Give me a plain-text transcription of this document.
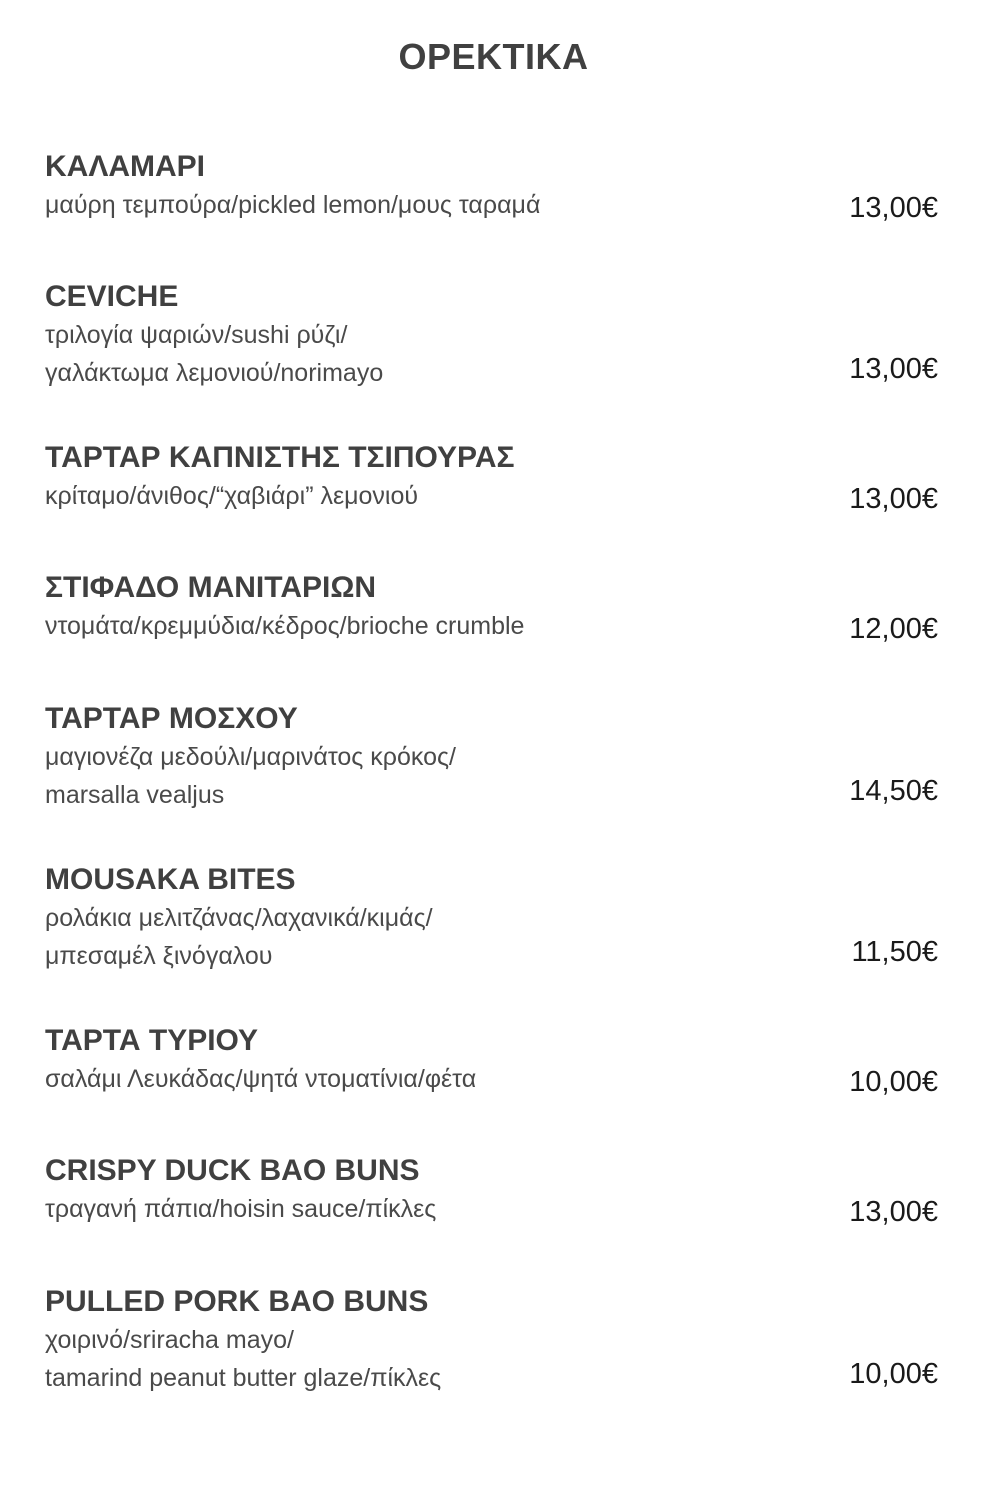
ΟΡΕΚΤΙΚΑ
ΚΑΛΑΜΑΡΙ
μαύρη τεμπούρα/pickled lemon/μους ταραμά	13,00€
CEVICHE
τριλογία ψαριών/sushi ρύζι/
γαλάκτωμα λεμονιού/norimayo	13,00€
ΤΑΡΤΑΡ ΚΑΠΝΙΣΤΗΣ ΤΣΙΠΟΥΡΑΣ
κρίταμο/άνιθος/“χαβιάρι” λεμονιού	13,00€
ΣΤΙΦΑΔΟ ΜΑΝΙΤΑΡΙΩΝ
ντομάτα/κρεμμύδια/κέδρος/brioche crumble	12,00€
ΤΑΡΤΑΡ ΜΟΣΧΟΥ
μαγιονέζα μεδούλι/μαρινάτος κρόκος/
marsalla vealjus	14,50€
MOUSAKA BITES
ρολάκια μελιτζάνας/λαχανικά/κιμάς/
μπεσαμέλ ξινόγαλου	11,50€
ΤΑΡΤΑ ΤΥΡΙΟΥ
σαλάμι Λευκάδας/ψητά ντοματίνια/φέτα	10,00€
CRISPY DUCK BAO BUNS
τραγανή πάπια/hoisin sauce/πίκλες	13,00€
PULLED PORK BAO BUNS
χοιρινό/sriracha mayo/
tamarind peanut butter glaze/πίκλες	10,00€
